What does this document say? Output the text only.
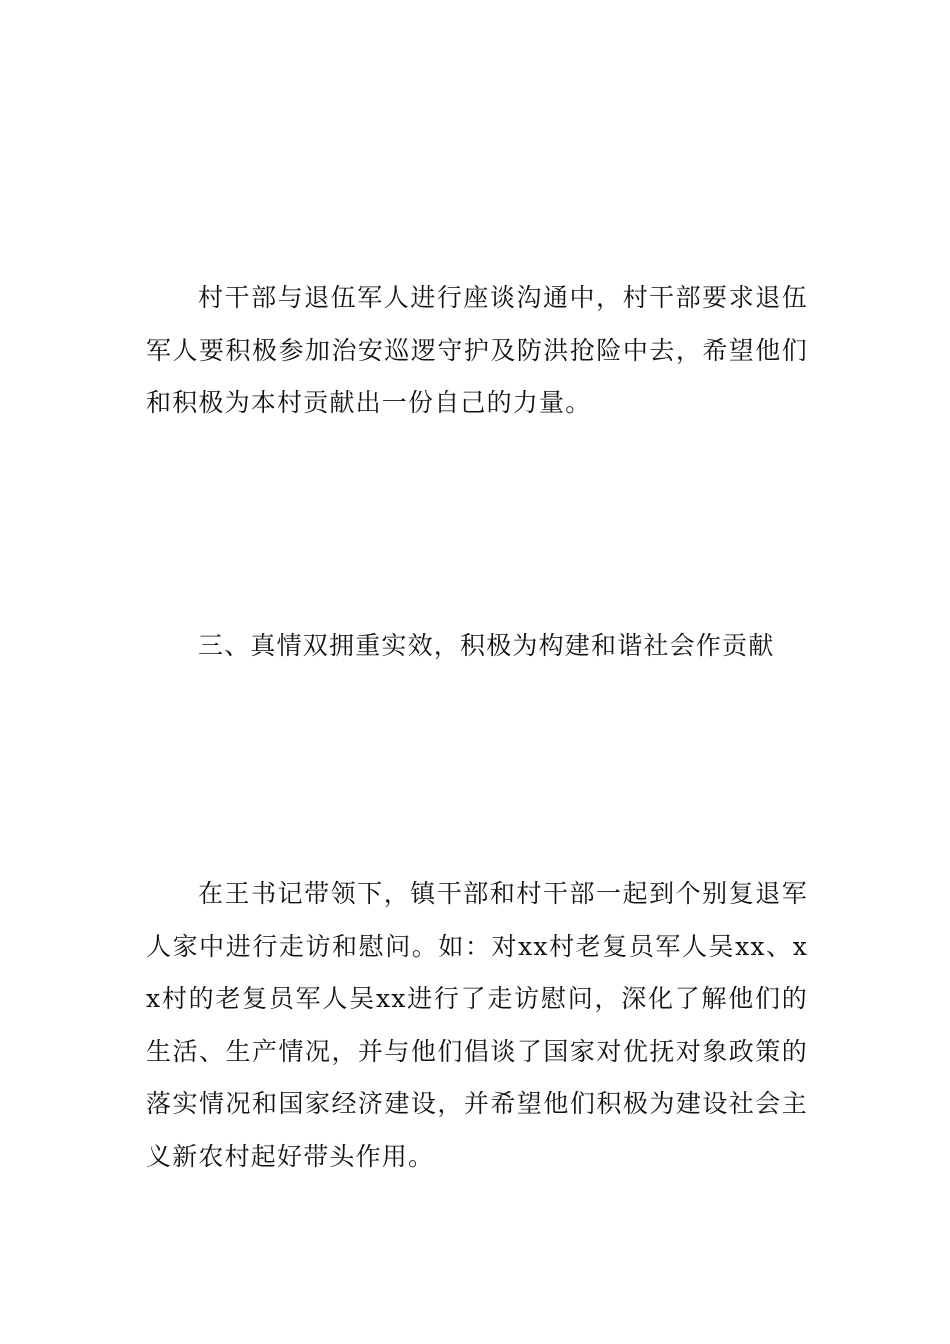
村干部与退伍军人进行座谈沟通中，村干部要求退伍军人要积极参加治安巡逻守护及防洪抢险中去，希望他们和积极为本村贡献出一份自己的力量。

三、真情双拥重实效，积极为构建和谐社会作贡献

在王书记带领下，镇干部和村干部一起到个别复退军人家中进行走访和慰问。如：对xx村老复员军人吴xx、xx村的老复员军人吴xx进行了走访慰问，深化了解他们的生活、生产情况，并与他们倡谈了国家对优抚对象政策的落实情况和国家经济建设，并希望他们积极为建设社会主义新农村起好带头作用。
